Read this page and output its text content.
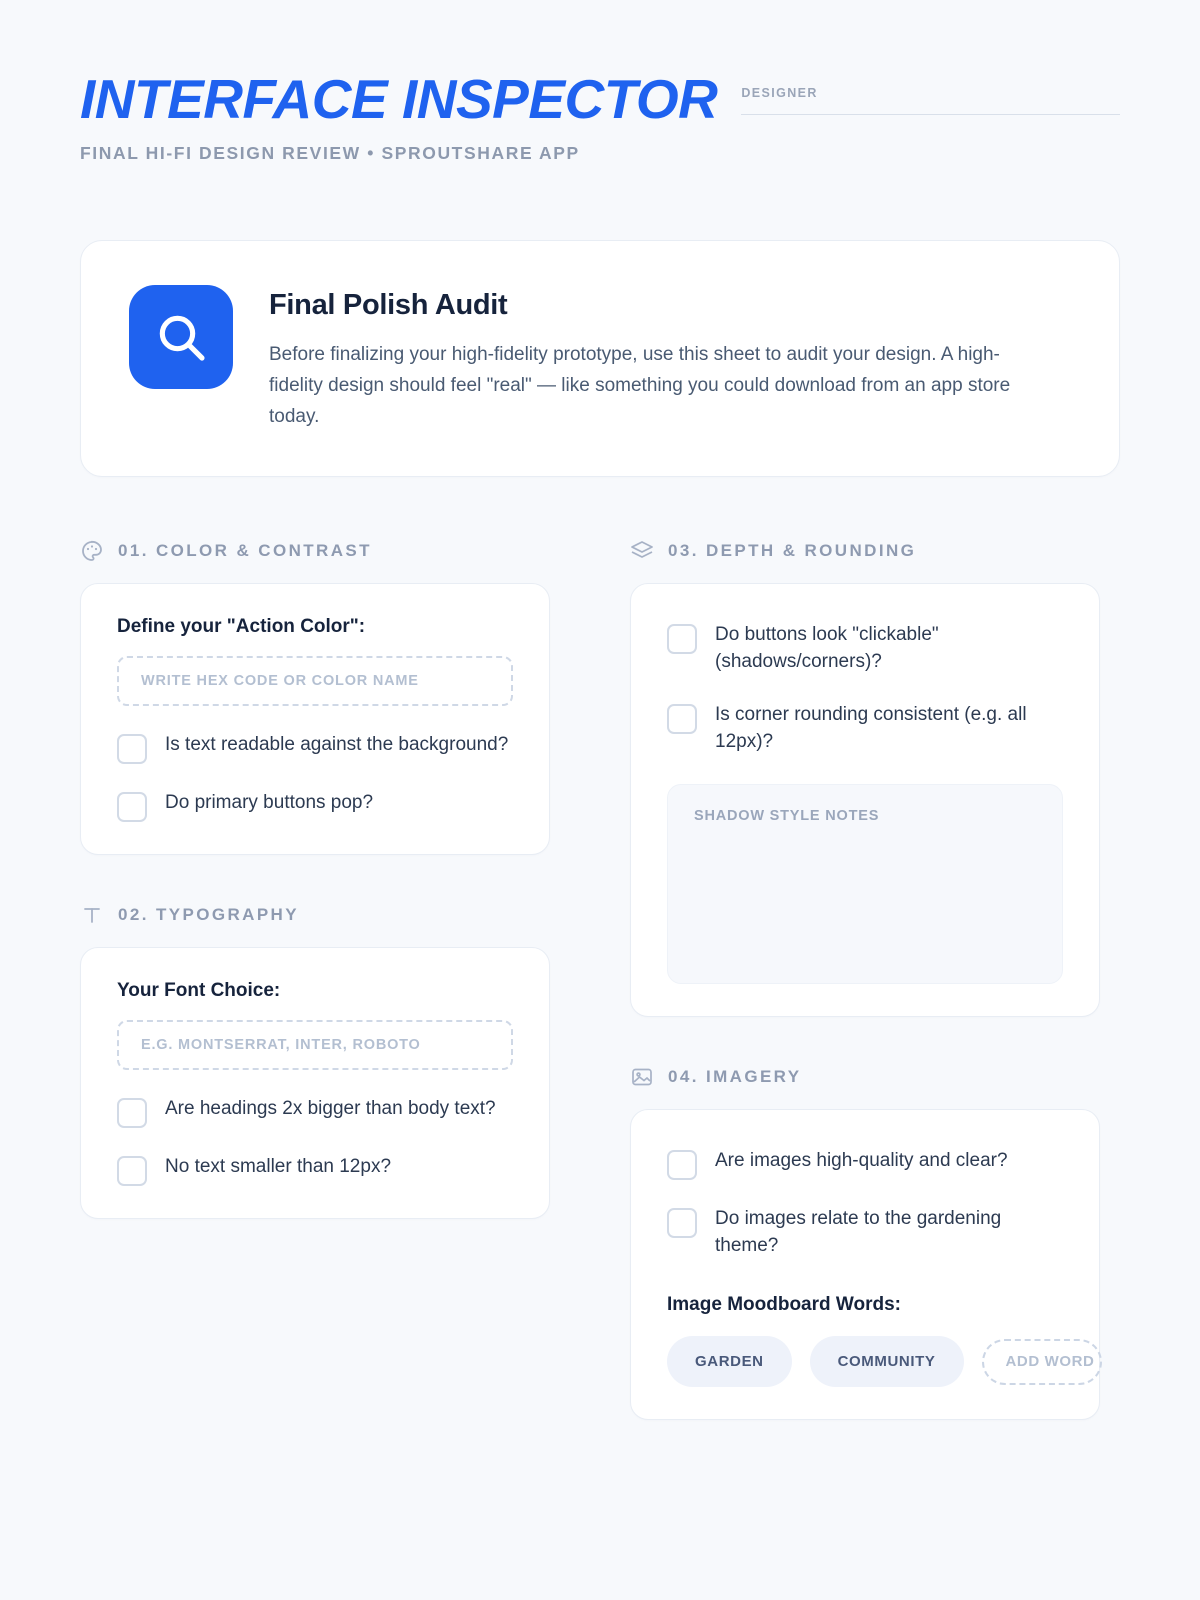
INTERFACE INSPECTOR
FINAL HI-FI DESIGN REVIEW • SPROUTSHARE APP
DESIGNER
Final Polish Audit
Before finalizing your high-fidelity prototype, use this sheet to audit your design. A high-fidelity design should feel "real" — like something you could download from an app store today.
01. COLOR & CONTRAST
Define your "Action Color":
WRITE HEX CODE OR COLOR NAME
Is text readable against the background?
Do primary buttons pop?
02. TYPOGRAPHY
Your Font Choice:
E.G. MONTSERRAT, INTER, ROBOTO
Are headings 2x bigger than body text?
No text smaller than 12px?
03. DEPTH & ROUNDING
Do buttons look "clickable" (shadows/corners)?
Is corner rounding consistent (e.g. all 12px)?
SHADOW STYLE NOTES
04. IMAGERY
Are images high-quality and clear?
Do images relate to the gardening theme?
Image Moodboard Words:
GARDEN	COMMUNITY	ADD WORD
